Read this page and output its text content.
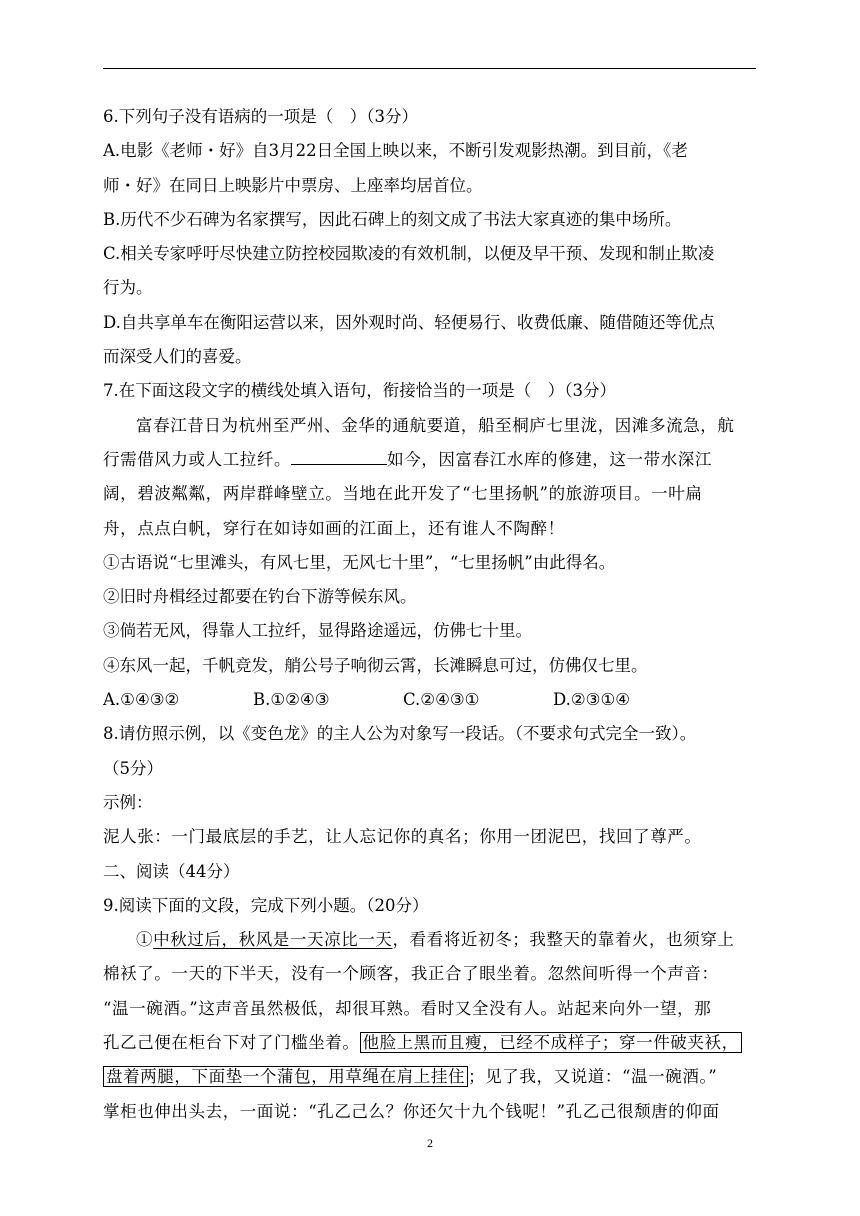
6.下列句子没有语病的一项是（　）（3分）
A.电影《老师・好》自3月22日全国上映以来，不断引发观影热潮。到目前，《老
师・好》在同日上映影片中票房、上座率均居首位。
B.历代不少石碑为名家撰写，因此石碑上的刻文成了书法大家真迹的集中场所。
C.相关专家呼吁尽快建立防控校园欺凌的有效机制，以便及早干预、发现和制止欺凌
行为。
D.自共享单车在衡阳运营以来，因外观时尚、轻便易行、收费低廉、随借随还等优点
而深受人们的喜爱。
7.在下面这段文字的横线处填入语句，衔接恰当的一项是（　）（3分）
富春江昔日为杭州至严州、金华的通航要道，船至桐庐七里泷，因滩多流急，航
行需借风力或人工拉纤。	如今，因富春江水库的修建，这一带水深江
阔，碧波粼粼，两岸群峰壁立。当地在此开发了“七里扬帆”的旅游项目。一叶扁
舟，点点白帆，穿行在如诗如画的江面上，还有谁人不陶醉！
①古语说“七里滩头，有风七里，无风七十里”，“七里扬帆”由此得名。
②旧时舟楫经过都要在钓台下游等候东风。
③倘若无风，得靠人工拉纤，显得路途遥远，仿佛七十里。
④东风一起，千帆竞发，艄公号子响彻云霄，长滩瞬息可过，仿佛仅七里。
A.①④③②	B.①②④③	C.②④③①	D.②③①④
8.请仿照示例，以《变色龙》的主人公为对象写一段话。（不要求句式完全一致）。
（5分）
示例：
泥人张：一门最底层的手艺，让人忘记你的真名；你用一团泥巴，找回了尊严。
二、阅读（44分）
9.阅读下面的文段，完成下列小题。（20分）
①中秋过后，秋风是一天凉比一天，看看将近初冬；我整天的靠着火，也须穿上
棉袄了。一天的下半天，没有一个顾客，我正合了眼坐着。忽然间听得一个声音：
“温一碗酒。”这声音虽然极低，却很耳熟。看时又全没有人。站起来向外一望，那
孔乙己便在柜台下对了门槛坐着。 他脸上黑而且瘦，已经不成样子；穿一件破夹袄，
盘着两腿，下面垫一个蒲包，用草绳在肩上挂住 ；见了我，又说道：“温一碗酒。”
掌柜也伸出头去，一面说：“孔乙己么？你还欠十九个钱呢！”孔乙己很颓唐的仰面
2
